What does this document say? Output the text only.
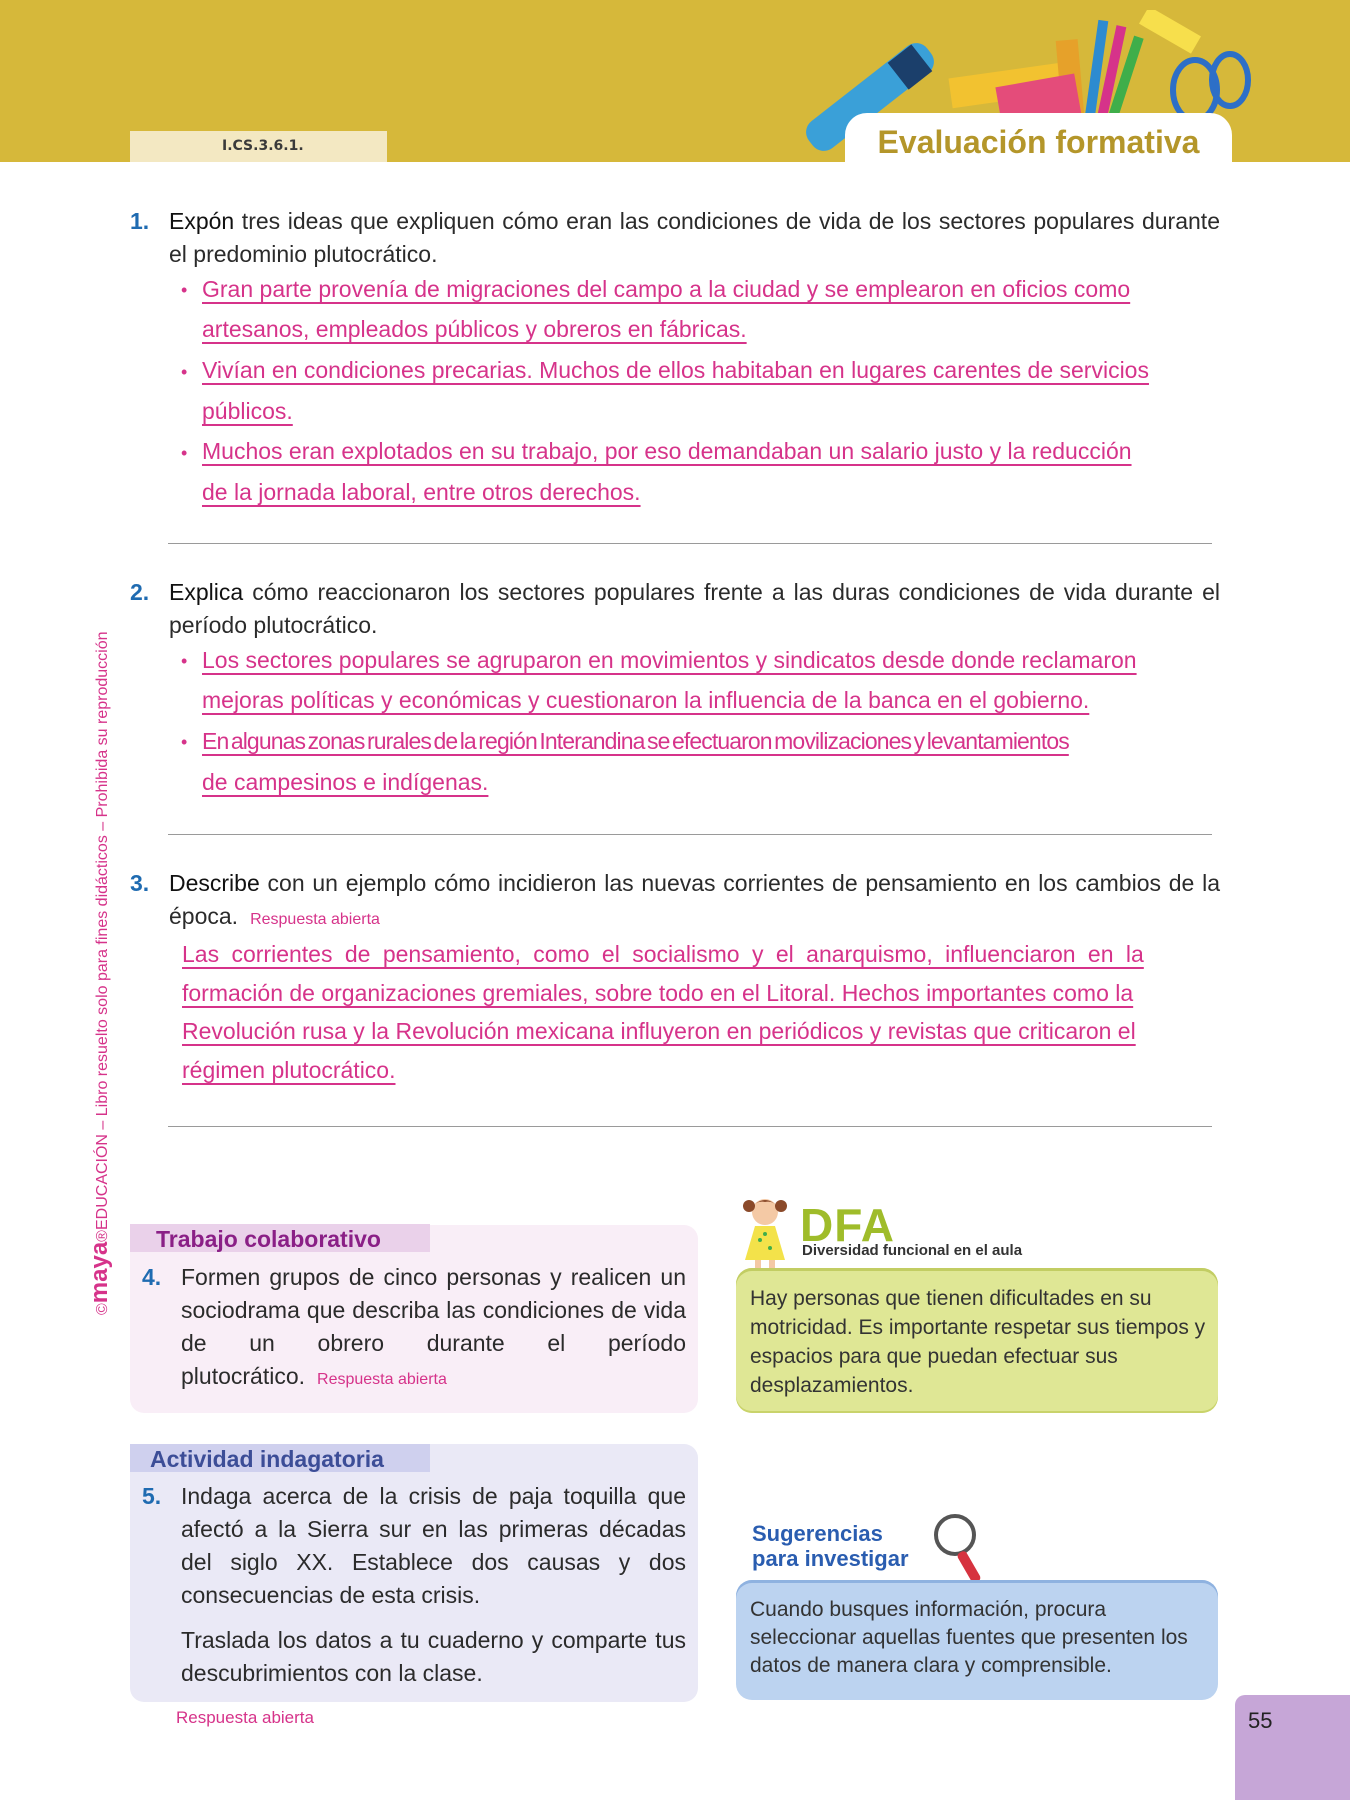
I.CS.3.6.1.	Evaluación formativa
©maya®EDUCACIÓN – Libro resuelto solo para fines didácticos – Prohibida su reproducción
1. Expón tres ideas que expliquen cómo eran las condiciones de vida de los sectores populares durante el predominio plutocrático.
• Gran parte provenía de migraciones del campo a la ciudad y se emplearon en oficios como
artesanos, empleados públicos y obreros en fábricas.
• Vivían en condiciones precarias. Muchos de ellos habitaban en lugares carentes de servicios
públicos.
• Muchos eran explotados en su trabajo, por eso demandaban un salario justo y la reducción
de la jornada laboral, entre otros derechos.
2. Explica cómo reaccionaron los sectores populares frente a las duras condiciones de vida durante el período plutocrático.
• Los sectores populares se agruparon en movimientos y sindicatos desde donde reclamaron
mejoras políticas y económicas y cuestionaron la influencia de la banca en el gobierno.
• En algunas zonas rurales de la región Interandina se efectuaron movilizaciones y levantamientos
de campesinos e indígenas.
3. Describe con un ejemplo cómo incidieron las nuevas corrientes de pensamiento en los cambios de la época. Respuesta abierta
Las corrientes de pensamiento, como el socialismo y el anarquismo, influenciaron en la
formación de organizaciones gremiales, sobre todo en el Litoral. Hechos importantes como la
Revolución rusa y la Revolución mexicana influyeron en periódicos y revistas que criticaron el
régimen plutocrático.
Trabajo colaborativo
4. Formen grupos de cinco personas y realicen un sociodrama que describa las condiciones de vida de un obrero durante el período plutocrático. Respuesta abierta
Actividad indagatoria
5. Indaga acerca de la crisis de paja toquilla que afectó a la Sierra sur en las primeras décadas del siglo XX. Establece dos causas y dos consecuencias de esta crisis.
Traslada los datos a tu cuaderno y comparte tus descubrimientos con la clase.
DFA
Diversidad funcional en el aula
Hay personas que tienen dificultades en su motricidad. Es importante respetar sus tiempos y espacios para que puedan efectuar sus desplazamientos.
Sugerencias
para investigar
Cuando busques información, procura seleccionar aquellas fuentes que presenten los datos de manera clara y comprensible.
Respuesta abierta	55
